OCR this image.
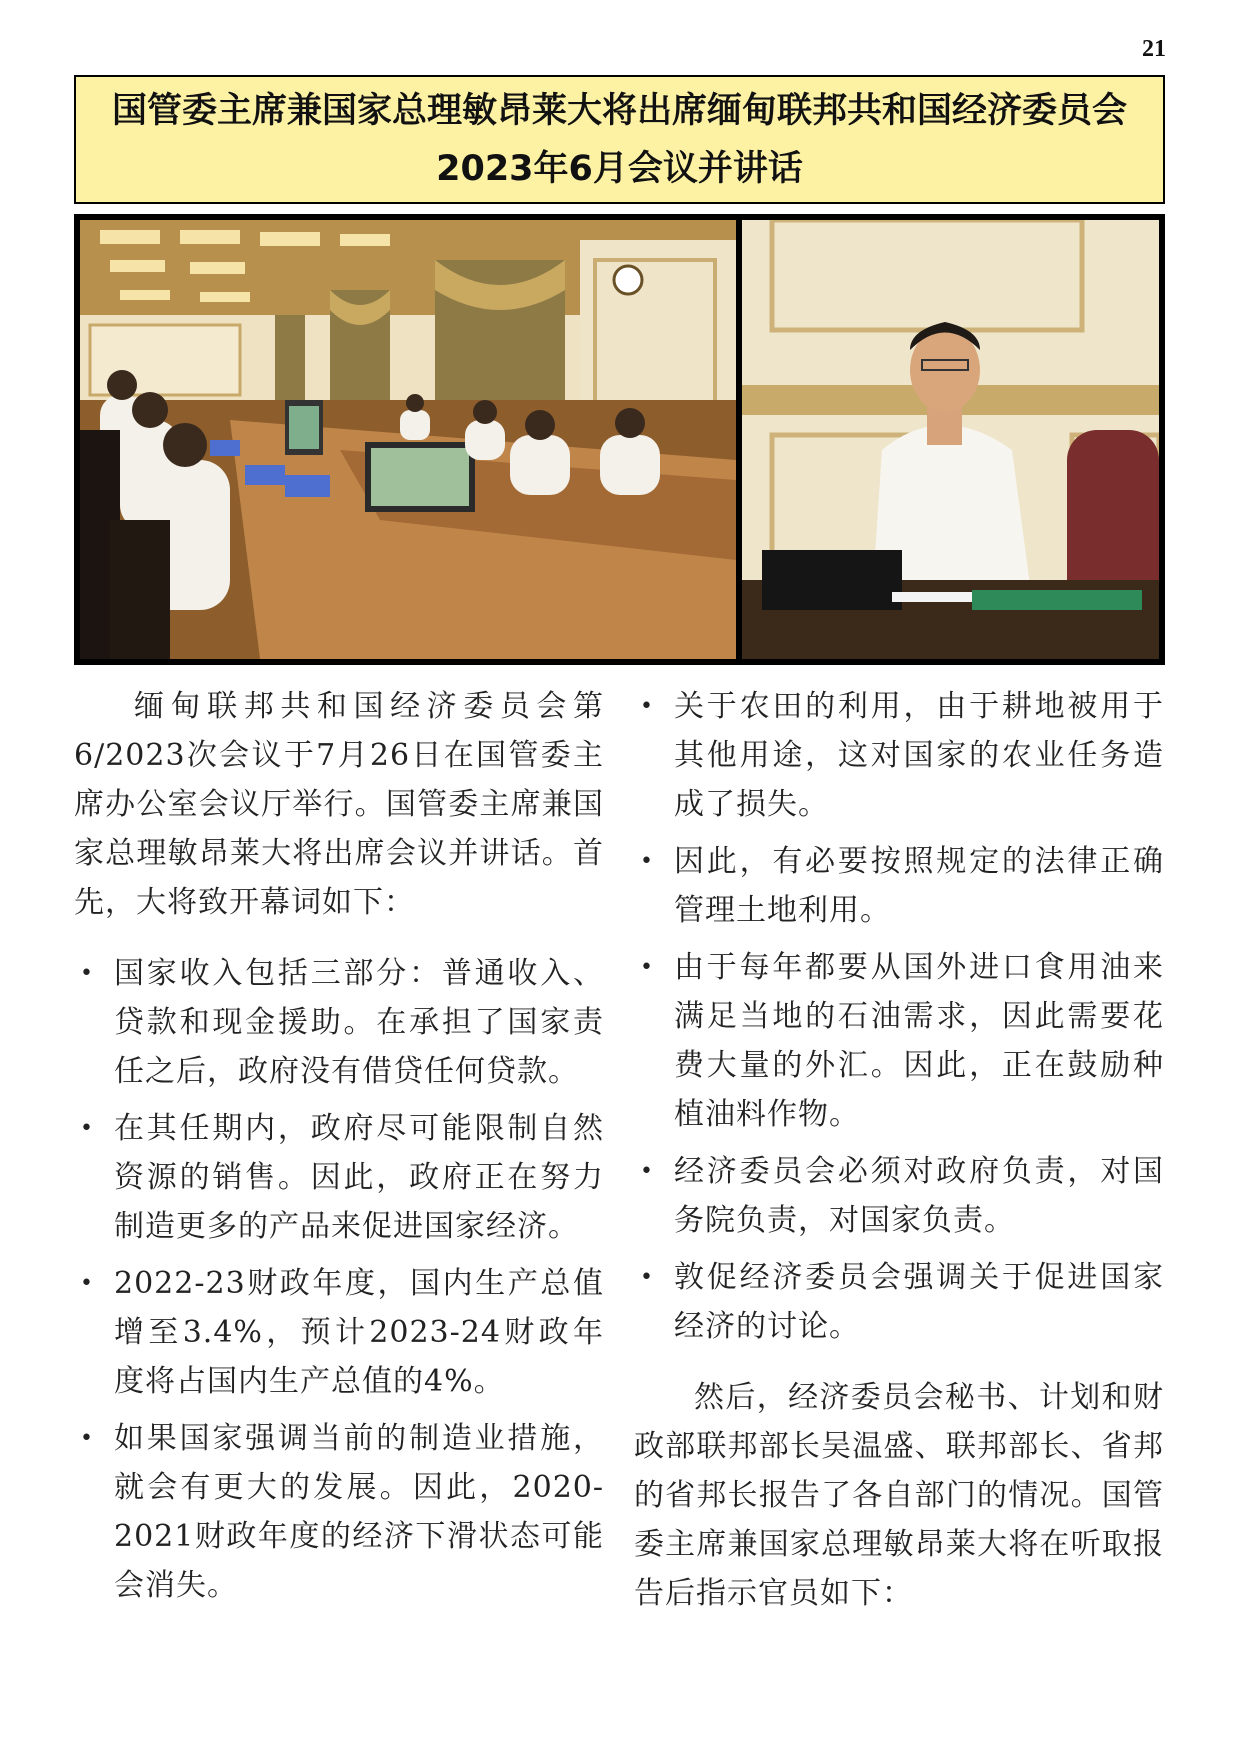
21
国管委主席兼国家总理敏昂莱大将出席缅甸联邦共和国经济委员会2023年6月会议并讲话

缅甸联邦共和国经济委员会第6/2023次会议于7月26日在国管委主席办公室会议厅举行。国管委主席兼国家总理敏昂莱大将出席会议并讲话。首先，大将致开幕词如下：

• 国家收入包括三部分：普通收入、贷款和现金援助。在承担了国家责任之后，政府没有借贷任何贷款。
• 在其任期内，政府尽可能限制自然资源的销售。因此，政府正在努力制造更多的产品来促进国家经济。
• 2022-23财政年度，国内生产总值增至3.4%，预计2023-24财政年度将占国内生产总值的4%。
• 如果国家强调当前的制造业措施，就会有更大的发展。因此，2020-2021财政年度的经济下滑状态可能会消失。
• 关于农田的利用，由于耕地被用于其他用途，这对国家的农业任务造成了损失。
• 因此，有必要按照规定的法律正确管理土地利用。
• 由于每年都要从国外进口食用油来满足当地的石油需求，因此需要花费大量的外汇。因此，正在鼓励种植油料作物。
• 经济委员会必须对政府负责，对国务院负责，对国家负责。
• 敦促经济委员会强调关于促进国家经济的讨论。

然后，经济委员会秘书、计划和财政部联邦部长吴温盛、联邦部长、省邦的省邦长报告了各自部门的情况。国管委主席兼国家总理敏昂莱大将在听取报告后指示官员如下：
